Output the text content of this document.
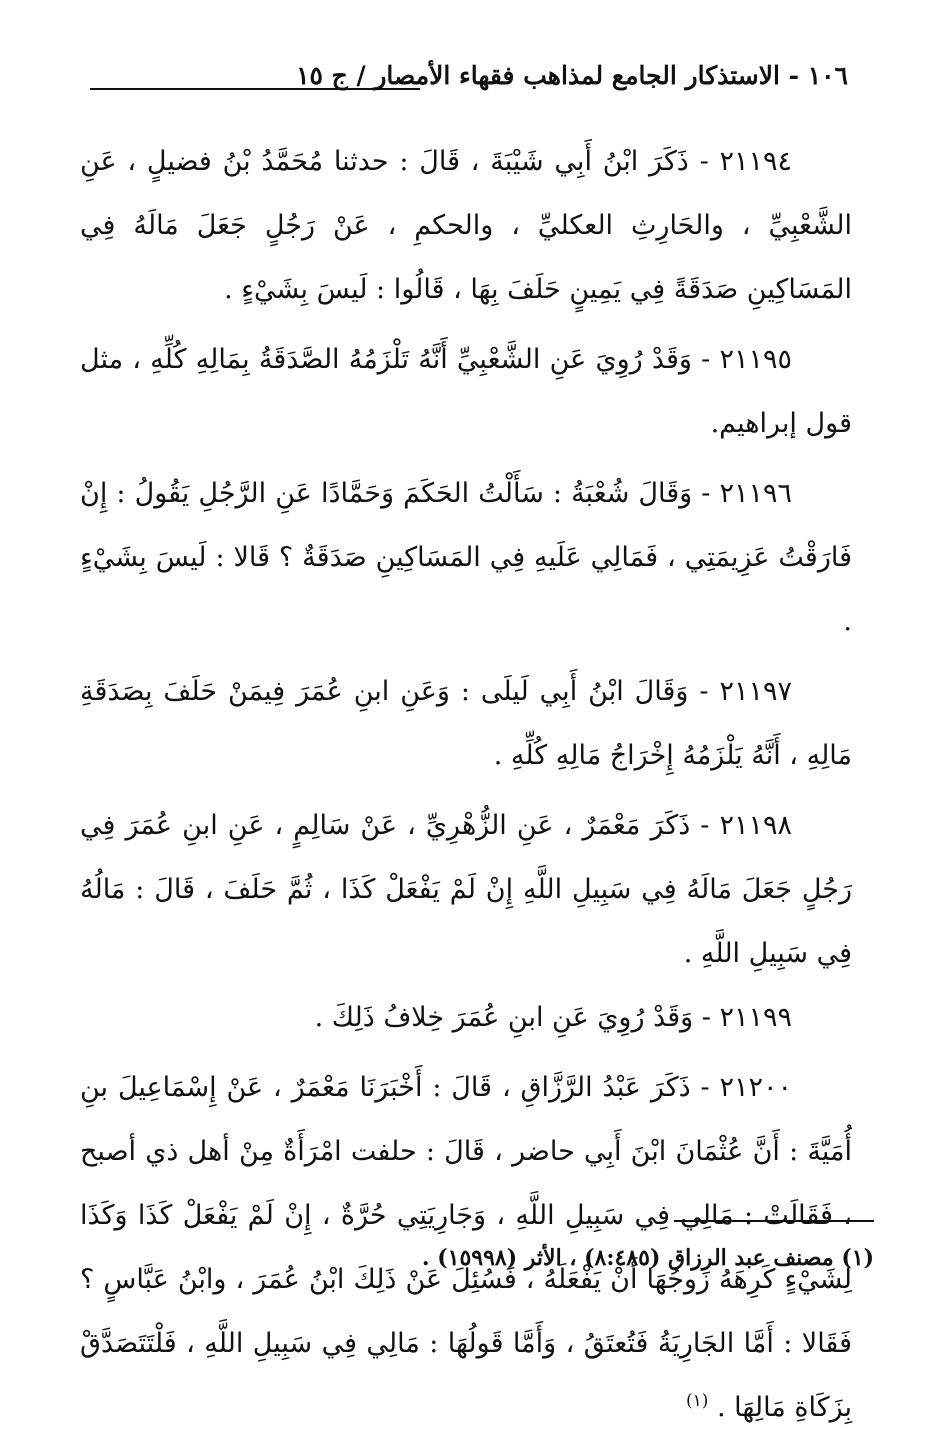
١٠٦ - الاستذكار الجامع لمذاهب فقهاء الأمصار / ج ١٥

٢١١٩٤ - ذَكَرَ ابْنُ أَبِي شَيْبَةَ ، قَالَ : حدثنا مُحَمَّدُ بْنُ فضيلٍ ، عَنِ الشَّعْبِيِّ ، والحَارِثِ العكليِّ ، والحكمِ ، عَنْ رَجُلٍ جَعَلَ مَالَهُ فِي المَسَاكِينِ صَدَقَةً فِي يَمِينٍ حَلَفَ بِهَا ، قَالُوا : لَيسَ بِشَيْءٍ .

٢١١٩٥ - وَقَدْ رُوِيَ عَنِ الشَّعْبِيِّ أَنَّهُ تَلْزَمُهُ الصَّدَقَةُ بِمَالِهِ كُلِّهِ ، مثل قول إبراهيم.

٢١١٩٦ - وَقَالَ شُعْبَةُ : سَأَلْتُ الحَكَمَ وَحَمَّادًا عَنِ الرَّجُلِ يَقُولُ : إِنْ فَارَقْتُ عَزِيمَتِي ، فَمَالِي عَلَيهِ فِي المَسَاكِينِ صَدَقَةٌ ؟ قَالا : لَيسَ بِشَيْءٍ .

٢١١٩٧ - وَقَالَ ابْنُ أَبِي لَيلَى : وَعَنِ ابنِ عُمَرَ فِيمَنْ حَلَفَ بِصَدَقَةِ مَالِهِ ، أَنَّهُ يَلْزَمُهُ إِخْرَاجُ مَالِهِ كُلِّهِ .

٢١١٩٨ - ذَكَرَ مَعْمَرٌ ، عَنِ الزُّهْرِيِّ ، عَنْ سَالِمٍ ، عَنِ ابنِ عُمَرَ فِي رَجُلٍ جَعَلَ مَالَهُ فِي سَبِيلِ اللَّهِ إِنْ لَمْ يَفْعَلْ كَذَا ، ثُمَّ حَلَفَ ، قَالَ : مَالُهُ فِي سَبِيلِ اللَّهِ .

٢١١٩٩ - وَقَدْ رُوِيَ عَنِ ابنِ عُمَرَ خِلافُ ذَلِكَ .

٢١٢٠٠ - ذَكَرَ عَبْدُ الرَّزَّاقِ ، قَالَ : أَخْبَرَنَا مَعْمَرٌ ، عَنْ إِسْمَاعِيلَ بنِ أُمَيَّةَ : أَنَّ عُثْمَانَ ابْنَ أَبِي حاضر ، قَالَ : حلفت امْرَأَةٌ مِنْ أهل ذي أصبح ، فَقَالَتْ : مَالِي فِي سَبِيلِ اللَّهِ ، وَجَارِيَتِي حُرَّةٌ ، إِنْ لَمْ يَفْعَلْ كَذَا وَكَذَا لِشَيْءٍ كَرِهَهُ زَوجُهَا أَنْ يَفْعَلَهُ ، فَسُئِلَ عَنْ ذَلِكَ ابْنُ عُمَرَ ، وابْنُ عَبَّاسٍ ؟ فَقَالا : أَمَّا الجَارِيَةُ فَتُعتَقُ ، وَأَمَّا قَولُهَا : مَالِي فِي سَبِيلِ اللَّهِ ، فَلْتَتَصَدَّقْ بِزَكَاةِ مَالِهَا . $^{(١)}$

(١) مصنف عبد الرزاق (٨:٤٨٥) ، الأثر (١٥٩٩٨) .
